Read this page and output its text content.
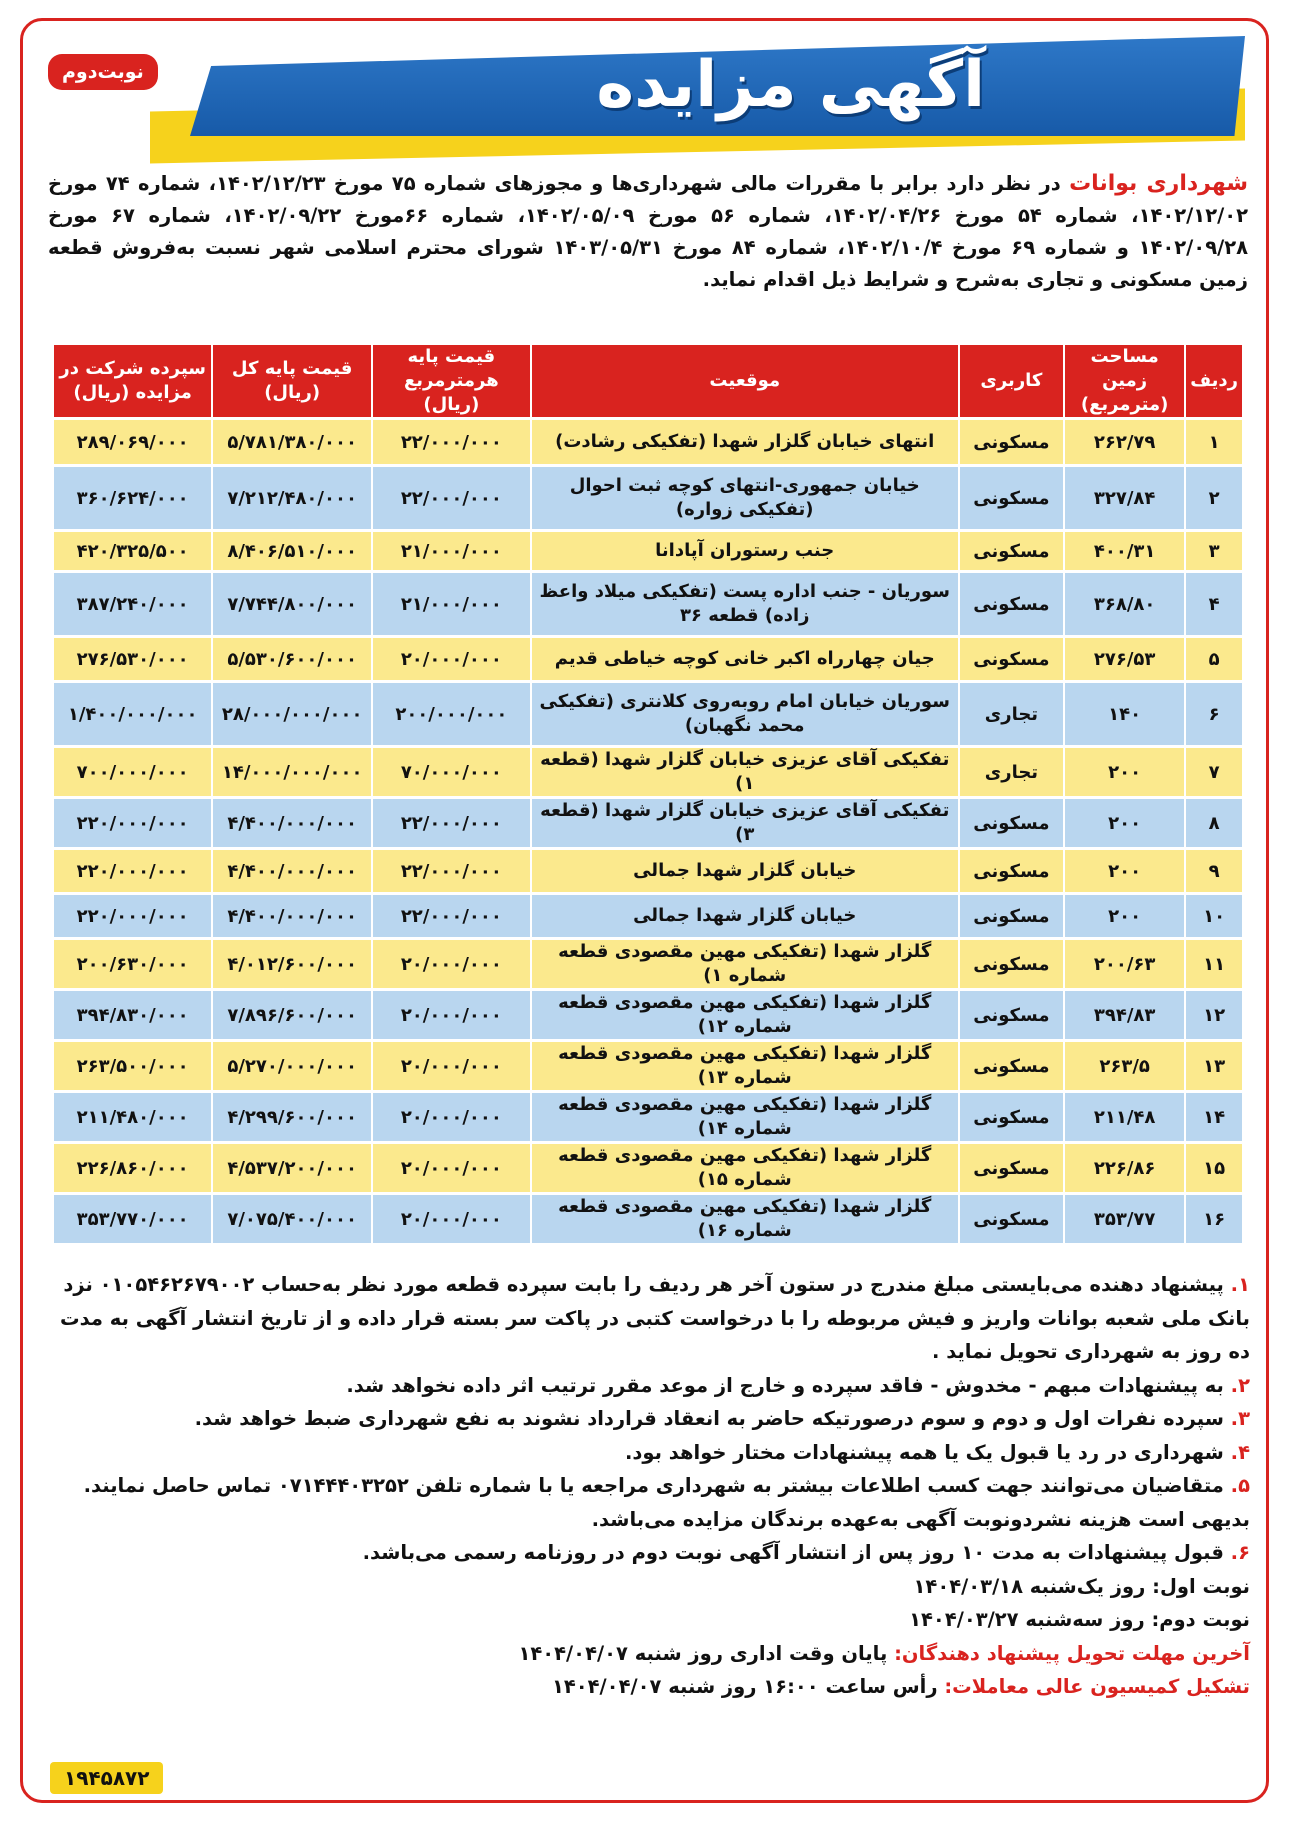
آگهی مزایده
نوبت‌دوم
شهرداری بوانات در نظر دارد برابر با مقررات مالی شهرداری‌ها و مجوزهای شماره ۷۵ مورخ ۱۴۰۲/۱۲/۲۳، شماره ۷۴ مورخ ۱۴۰۲/۱۲/۰۲، شماره ۵۴ مورخ ۱۴۰۲/۰۴/۲۶، شماره ۵۶ مورخ ۱۴۰۲/۰۵/۰۹، شماره ۶۶مورخ ۱۴۰۲/۰۹/۲۲، شماره ۶۷ مورخ ۱۴۰۲/۰۹/۲۸ و شماره ۶۹ مورخ ۱۴۰۲/۱۰/۴، شماره ۸۴ مورخ ۱۴۰۳/۰۵/۳۱ شورای محترم اسلامی شهر نسبت به‌فروش قطعه زمین مسکونی و تجاری به‌شرح و شرایط ذیل اقدام نماید.
ردیف	مساحت زمین (مترمربع)	کاربری	موقعیت	قیمت پایه هرمترمربع (ریال)	قیمت پایه کل (ریال)	سپرده شرکت در مزایده (ریال)
۱	۲۶۲/۷۹	مسکونی	انتهای خیابان گلزار شهدا (تفکیکی رشادت)	۲۲/۰۰۰/۰۰۰	۵/۷۸۱/۳۸۰/۰۰۰	۲۸۹/۰۶۹/۰۰۰
۲	۳۲۷/۸۴	مسکونی	خیابان جمهوری-انتهای کوچه ثبت احوال (تفکیکی زواره)	۲۲/۰۰۰/۰۰۰	۷/۲۱۲/۴۸۰/۰۰۰	۳۶۰/۶۲۴/۰۰۰
۳	۴۰۰/۳۱	مسکونی	جنب رستوران آپادانا	۲۱/۰۰۰/۰۰۰	۸/۴۰۶/۵۱۰/۰۰۰	۴۲۰/۳۲۵/۵۰۰
۴	۳۶۸/۸۰	مسکونی	سوریان - جنب اداره پست (تفکیکی میلاد واعظ زاده) قطعه ۳۶	۲۱/۰۰۰/۰۰۰	۷/۷۴۴/۸۰۰/۰۰۰	۳۸۷/۲۴۰/۰۰۰
۵	۲۷۶/۵۳	مسکونی	جیان چهارراه اکبر خانی کوچه خیاطی قدیم	۲۰/۰۰۰/۰۰۰	۵/۵۳۰/۶۰۰/۰۰۰	۲۷۶/۵۳۰/۰۰۰
۶	۱۴۰	تجاری	سوریان خیابان امام روبه‌روی کلانتری (تفکیکی محمد نگهبان)	۲۰۰/۰۰۰/۰۰۰	۲۸/۰۰۰/۰۰۰/۰۰۰	۱/۴۰۰/۰۰۰/۰۰۰
۷	۲۰۰	تجاری	تفکیکی آقای عزیزی خیابان گلزار شهدا (قطعه ۱)	۷۰/۰۰۰/۰۰۰	۱۴/۰۰۰/۰۰۰/۰۰۰	۷۰۰/۰۰۰/۰۰۰
۸	۲۰۰	مسکونی	تفکیکی آقای عزیزی خیابان گلزار شهدا (قطعه ۳)	۲۲/۰۰۰/۰۰۰	۴/۴۰۰/۰۰۰/۰۰۰	۲۲۰/۰۰۰/۰۰۰
۹	۲۰۰	مسکونی	خیابان گلزار شهدا جمالی	۲۲/۰۰۰/۰۰۰	۴/۴۰۰/۰۰۰/۰۰۰	۲۲۰/۰۰۰/۰۰۰
۱۰	۲۰۰	مسکونی	خیابان گلزار شهدا جمالی	۲۲/۰۰۰/۰۰۰	۴/۴۰۰/۰۰۰/۰۰۰	۲۲۰/۰۰۰/۰۰۰
۱۱	۲۰۰/۶۳	مسکونی	گلزار شهدا (تفکیکی مهین مقصودی قطعه شماره ۱)	۲۰/۰۰۰/۰۰۰	۴/۰۱۲/۶۰۰/۰۰۰	۲۰۰/۶۳۰/۰۰۰
۱۲	۳۹۴/۸۳	مسکونی	گلزار شهدا (تفکیکی مهین مقصودی قطعه شماره ۱۲)	۲۰/۰۰۰/۰۰۰	۷/۸۹۶/۶۰۰/۰۰۰	۳۹۴/۸۳۰/۰۰۰
۱۳	۲۶۳/۵	مسکونی	گلزار شهدا (تفکیکی مهین مقصودی قطعه شماره ۱۳)	۲۰/۰۰۰/۰۰۰	۵/۲۷۰/۰۰۰/۰۰۰	۲۶۳/۵۰۰/۰۰۰
۱۴	۲۱۱/۴۸	مسکونی	گلزار شهدا (تفکیکی مهین مقصودی قطعه شماره ۱۴)	۲۰/۰۰۰/۰۰۰	۴/۲۹۹/۶۰۰/۰۰۰	۲۱۱/۴۸۰/۰۰۰
۱۵	۲۲۶/۸۶	مسکونی	گلزار شهدا (تفکیکی مهین مقصودی قطعه شماره ۱۵)	۲۰/۰۰۰/۰۰۰	۴/۵۳۷/۲۰۰/۰۰۰	۲۲۶/۸۶۰/۰۰۰
۱۶	۳۵۳/۷۷	مسکونی	گلزار شهدا (تفکیکی مهین مقصودی قطعه شماره ۱۶)	۲۰/۰۰۰/۰۰۰	۷/۰۷۵/۴۰۰/۰۰۰	۳۵۳/۷۷۰/۰۰۰

۱. پیشنهاد دهنده می‌بایستی مبلغ مندرج در ستون آخر هر ردیف را بابت سپرده قطعه مورد نظر به‌حساب ۰۱۰۵۴۶۲۶۷۹۰۰۲ نزد بانک ملی شعبه بوانات واریز و فیش مربوطه را با درخواست کتبی در پاکت سر بسته قرار داده و از تاریخ انتشار آگهی به مدت ده روز به شهرداری تحویل نماید .

۲. به پیشنهادات مبهم - مخدوش - فاقد سپرده و خارج از موعد مقرر ترتیب اثر داده نخواهد شد.

۳. سپرده نفرات اول و دوم و سوم درصورتیکه حاضر به انعقاد قرارداد نشوند به نفع شهرداری ضبط خواهد شد.

۴. شهرداری در رد یا قبول یک یا همه پیشنهادات مختار خواهد بود.

۵. متقاضیان می‌توانند جهت کسب اطلاعات بیشتر به شهرداری مراجعه یا با شماره تلفن ۰۷۱۴۴۴۰۳۲۵۲ تماس حاصل نمایند. بدیهی است هزینه نشردونوبت آگهی به‌عهده برندگان مزایده می‌باشد.

۶. قبول پیشنهادات به مدت ۱۰ روز پس از انتشار آگهی نوبت دوم در روزنامه رسمی می‌باشد.

نوبت اول: روز یک‌شنبه ۱۴۰۴/۰۳/۱۸

نوبت دوم: روز سه‌شنبه ۱۴۰۴/۰۳/۲۷

آخرین مهلت تحویل پیشنهاد دهندگان: پایان وقت اداری روز شنبه ۱۴۰۴/۰۴/۰۷

تشکیل کمیسیون عالی معاملات: رأس ساعت ۱۶:۰۰ روز شنبه ۱۴۰۴/۰۴/۰۷

۱۹۴۵۸۷۲
